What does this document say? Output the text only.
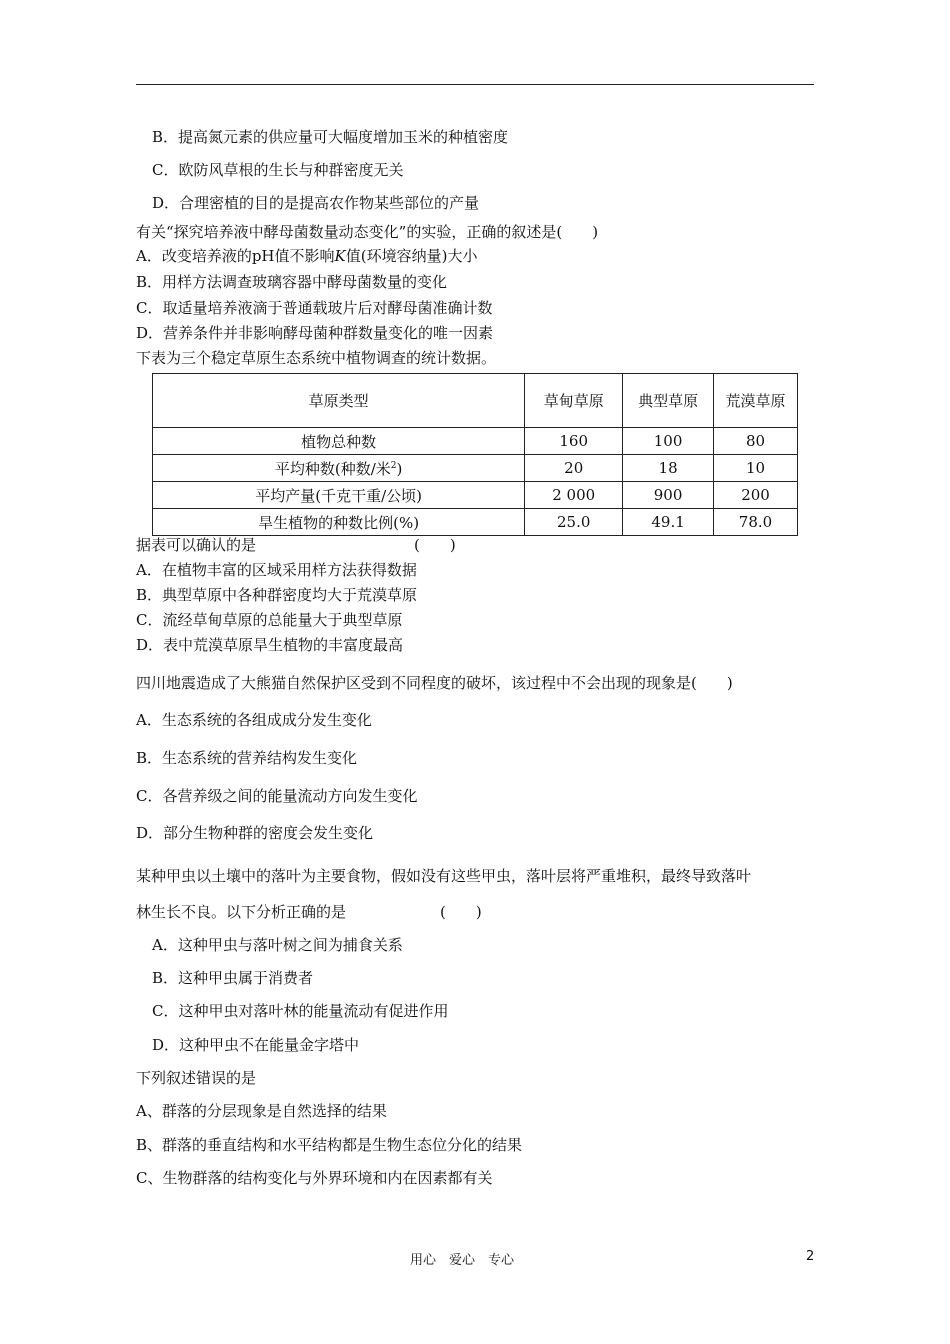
B．提高氮元素的供应量可大幅度增加玉米的种植密度
C．欧防风草根的生长与种群密度无关
D．合理密植的目的是提高农作物某些部位的产量
有关“探究培养液中酵母菌数量动态变化”的实验，正确的叙述是(　　)
A．改变培养液的pH值不影响K值(环境容纳量)大小
B．用样方法调查玻璃容器中酵母菌数量的变化
C．取适量培养液滴于普通载玻片后对酵母菌准确计数
D．营养条件并非影响酵母菌种群数量变化的唯一因素
下表为三个稳定草原生态系统中植物调查的统计数据。
草原类型	草甸草原	典型草原	荒漠草原
植物总种数	160	100	80
平均种数(种数/米$^2$)	20	18	10
平均产量(千克干重/公顷)	2 000	900	200
旱生植物的种数比例(%)	25.0	49.1	78.0
据表可以确认的是	(　　)
A．在植物丰富的区域采用样方法获得数据
B．典型草原中各种群密度均大于荒漠草原
C．流经草甸草原的总能量大于典型草原
D．表中荒漠草原旱生植物的丰富度最高
四川地震造成了大熊猫自然保护区受到不同程度的破坏，该过程中不会出现的现象是(　　)
A．生态系统的各组成成分发生变化
B．生态系统的营养结构发生变化
C．各营养级之间的能量流动方向发生变化
D．部分生物种群的密度会发生变化
某种甲虫以土壤中的落叶为主要食物，假如没有这些甲虫，落叶层将严重堆积，最终导致落叶
林生长不良。以下分析正确的是	(　　)
A．这种甲虫与落叶树之间为捕食关系
B．这种甲虫属于消费者
C．这种甲虫对落叶林的能量流动有促进作用
D．这种甲虫不在能量金字塔中
下列叙述错误的是
A、群落的分层现象是自然选择的结果
B、群落的垂直结构和水平结构都是生物生态位分化的结果
C、生物群落的结构变化与外界环境和内在因素都有关
用心　爱心　专心	2
